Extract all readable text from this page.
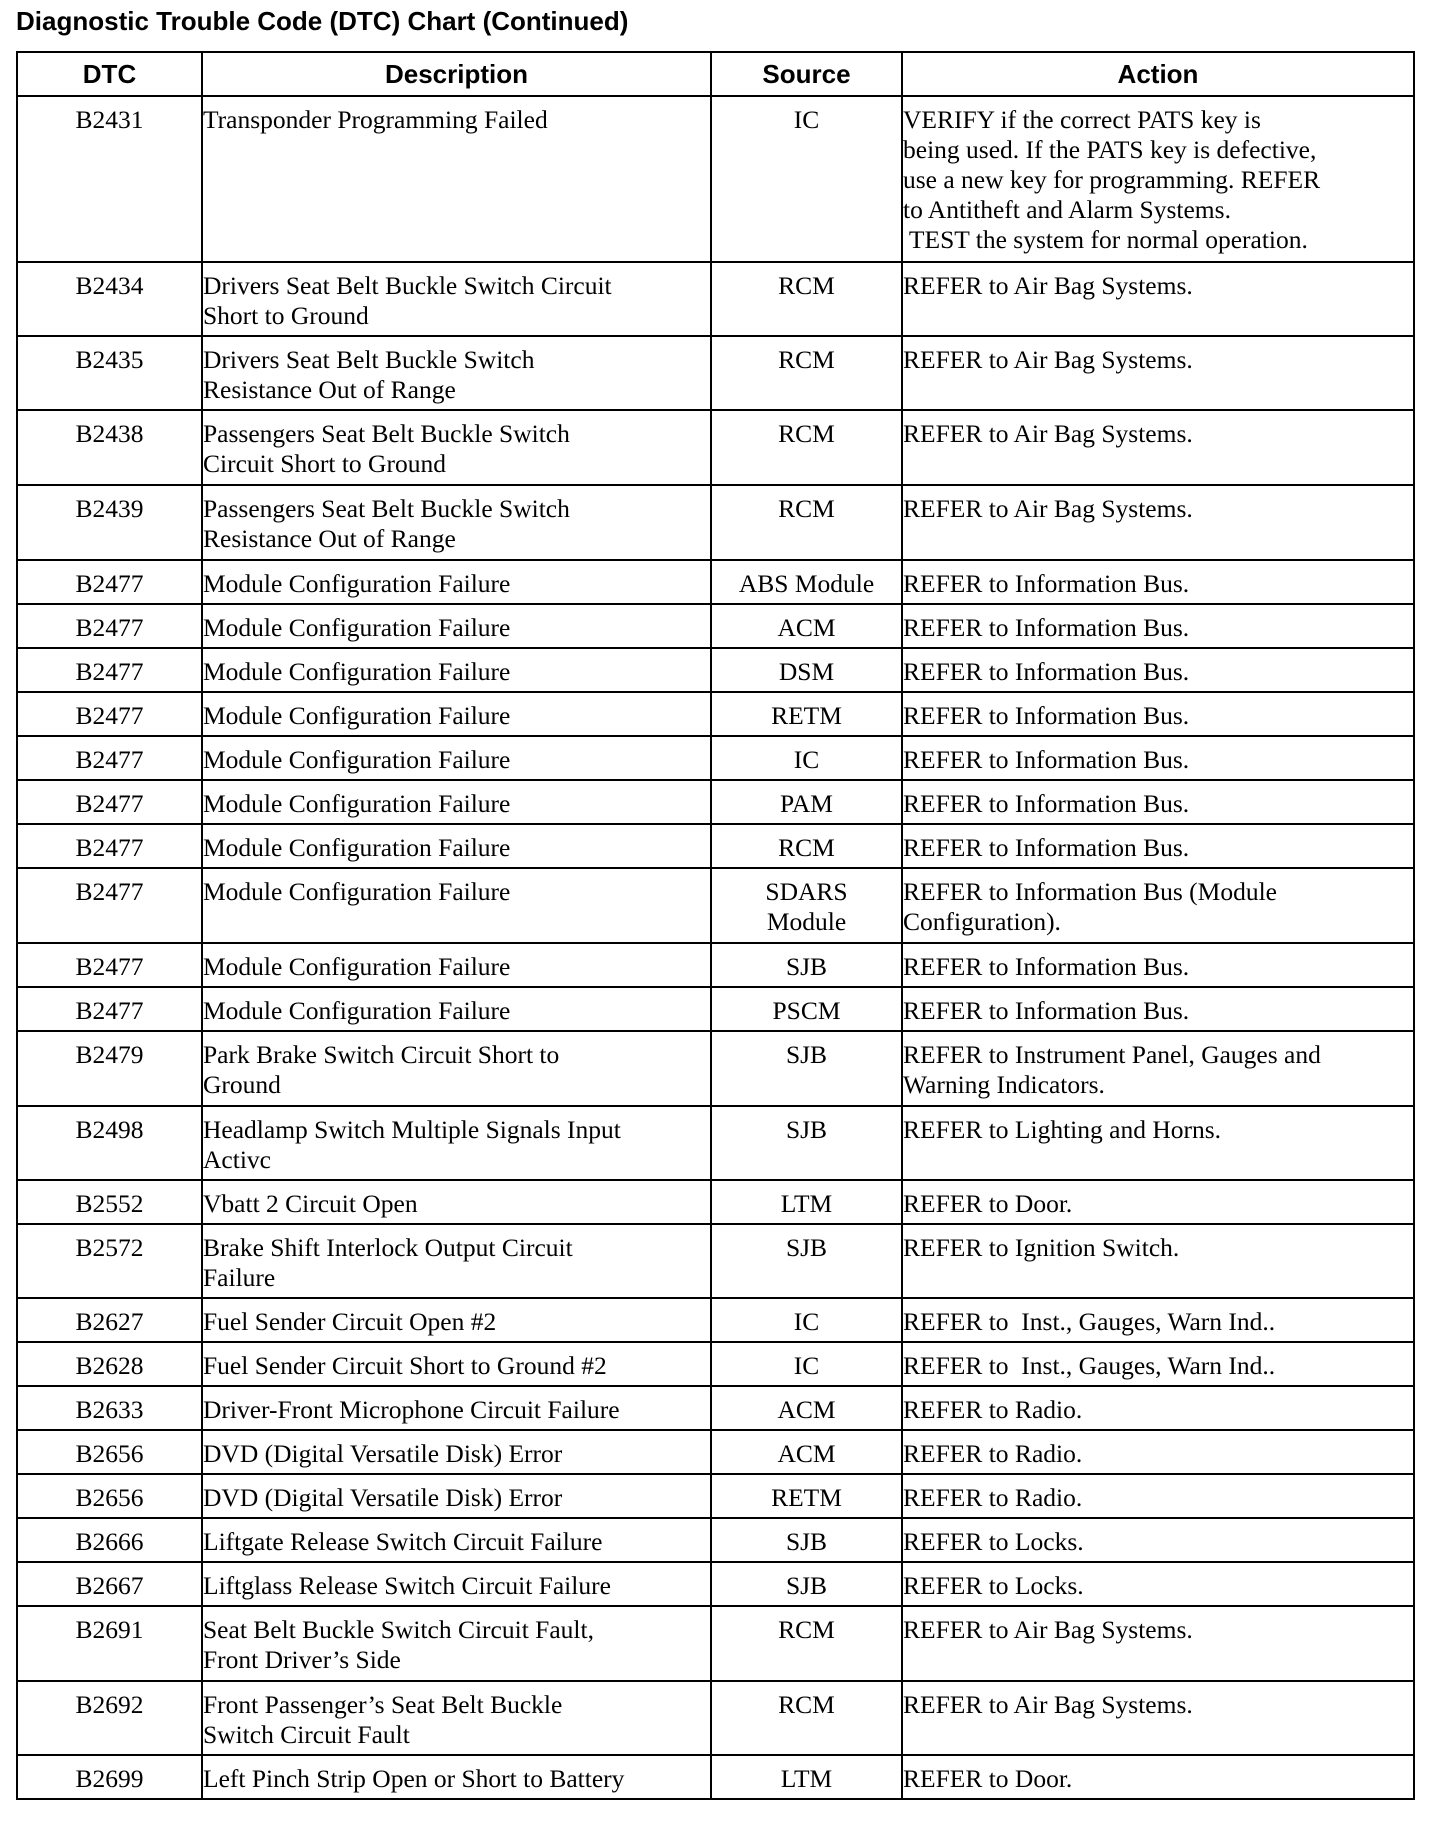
Diagnostic Trouble Code (DTC) Chart (Continued)
DTC	Description	Source	Action
B2431	Transponder Programming Failed	IC	VERIFY if the correct PATS key is
being used. If the PATS key is defective,
use a new key for programming. REFER
to Antitheft and Alarm Systems.
TEST the system for normal operation.

B2434	Drivers Seat Belt Buckle Switch Circuit
Short to Ground	RCM	REFER to Air Bag Systems.

B2435	Drivers Seat Belt Buckle Switch
Resistance Out of Range	RCM	REFER to Air Bag Systems.

B2438	Passengers Seat Belt Buckle Switch
Circuit Short to Ground	RCM	REFER to Air Bag Systems.

B2439	Passengers Seat Belt Buckle Switch
Resistance Out of Range	RCM	REFER to Air Bag Systems.

B2477	Module Configuration Failure	ABS Module	REFER to Information Bus.

B2477	Module Configuration Failure	ACM	REFER to Information Bus.

B2477	Module Configuration Failure	DSM	REFER to Information Bus.

B2477	Module Configuration Failure	RETM	REFER to Information Bus.

B2477	Module Configuration Failure	IC	REFER to Information Bus.

B2477	Module Configuration Failure	PAM	REFER to Information Bus.

B2477	Module Configuration Failure	RCM	REFER to Information Bus.

B2477	Module Configuration Failure	SDARS
Module	REFER to Information Bus (Module
Configuration).

B2477	Module Configuration Failure	SJB	REFER to Information Bus.

B2477	Module Configuration Failure	PSCM	REFER to Information Bus.

B2479	Park Brake Switch Circuit Short to
Ground	SJB	REFER to Instrument Panel, Gauges and
Warning Indicators.

B2498	Headlamp Switch Multiple Signals Input
Activc	SJB	REFER to Lighting and Horns.

B2552	Vbatt 2 Circuit Open	LTM	REFER to Door.

B2572	Brake Shift Interlock Output Circuit
Failure	SJB	REFER to Ignition Switch.

B2627	Fuel Sender Circuit Open #2	IC	REFER to  Inst., Gauges, Warn Ind..

B2628	Fuel Sender Circuit Short to Ground #2	IC	REFER to  Inst., Gauges, Warn Ind..

B2633	Driver-Front Microphone Circuit Failure	ACM	REFER to Radio.

B2656	DVD (Digital Versatile Disk) Error	ACM	REFER to Radio.

B2656	DVD (Digital Versatile Disk) Error	RETM	REFER to Radio.

B2666	Liftgate Release Switch Circuit Failure	SJB	REFER to Locks.

B2667	Liftglass Release Switch Circuit Failure	SJB	REFER to Locks.

B2691	Seat Belt Buckle Switch Circuit Fault,
Front Driver’s Side	RCM	REFER to Air Bag Systems.

B2692	Front Passenger’s Seat Belt Buckle
Switch Circuit Fault	RCM	REFER to Air Bag Systems.

B2699	Left Pinch Strip Open or Short to Battery	LTM	REFER to Door.
